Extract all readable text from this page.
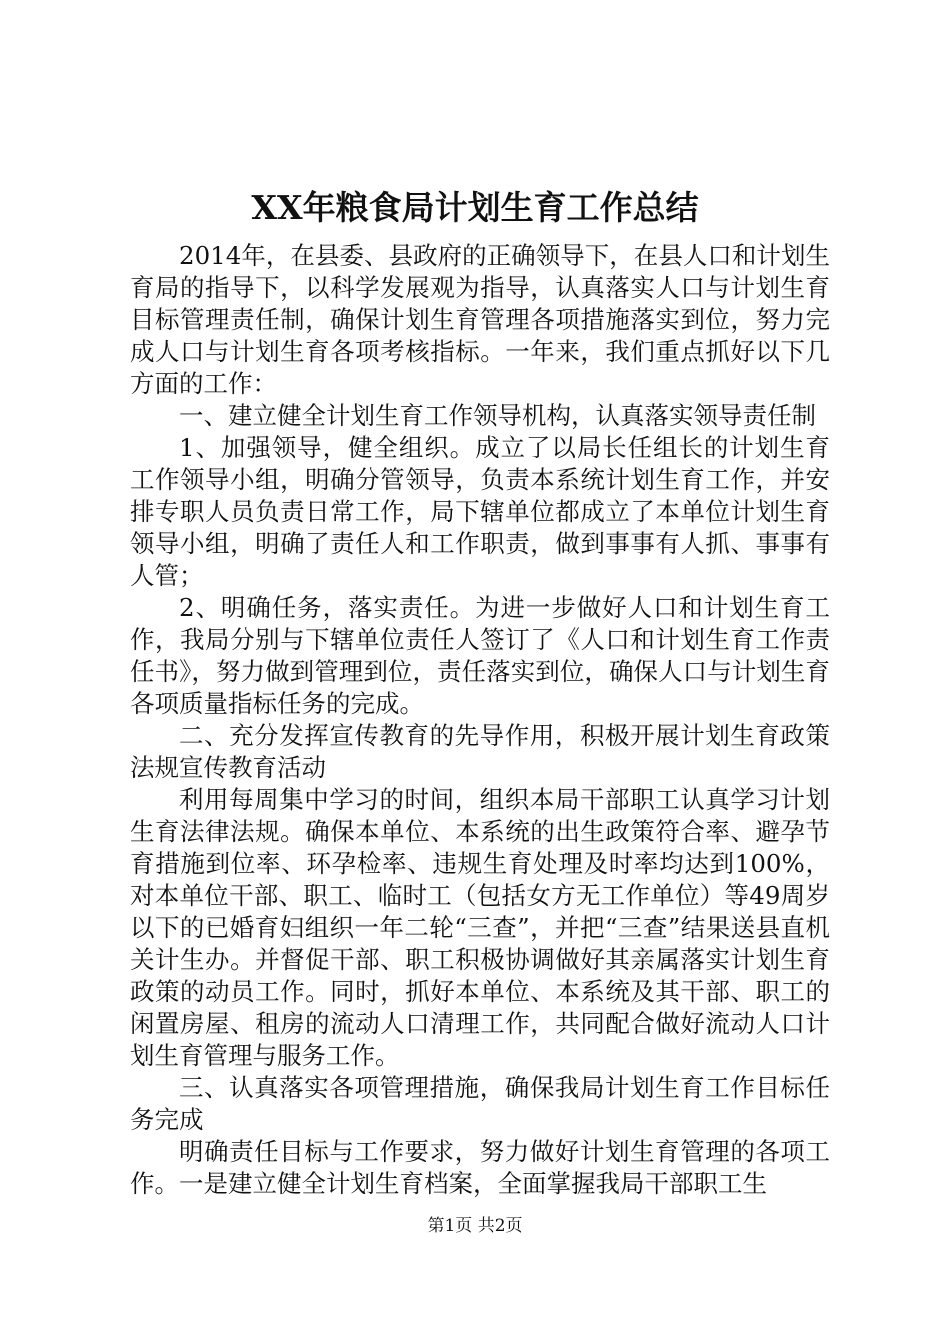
XX年粮食局计划生育工作总结

2014年，在县委、县政府的正确领导下，在县人口和计划生育局的指导下，以科学发展观为指导，认真落实人口与计划生育目标管理责任制，确保计划生育管理各项措施落实到位，努力完成人口与计划生育各项考核指标。一年来，我们重点抓好以下几方面的工作：

一、建立健全计划生育工作领导机构，认真落实领导责任制

1、加强领导，健全组织。成立了以局长任组长的计划生育工作领导小组，明确分管领导，负责本系统计划生育工作，并安排专职人员负责日常工作，局下辖单位都成立了本单位计划生育领导小组，明确了责任人和工作职责，做到事事有人抓、事事有人管；

2、明确任务，落实责任。为进一步做好人口和计划生育工作，我局分别与下辖单位责任人签订了《人口和计划生育工作责任书》，努力做到管理到位，责任落实到位，确保人口与计划生育各项质量指标任务的完成。

二、充分发挥宣传教育的先导作用，积极开展计划生育政策法规宣传教育活动

利用每周集中学习的时间，组织本局干部职工认真学习计划生育法律法规。确保本单位、本系统的出生政策符合率、避孕节育措施到位率、环孕检率、违规生育处理及时率均达到100%，对本单位干部、职工、临时工（包括女方无工作单位）等49周岁以下的已婚育妇组织一年二轮“三查”，并把“三查”结果送县直机关计生办。并督促干部、职工积极协调做好其亲属落实计划生育政策的动员工作。同时，抓好本单位、本系统及其干部、职工的闲置房屋、租房的流动人口清理工作，共同配合做好流动人口计划生育管理与服务工作。

三、认真落实各项管理措施，确保我局计划生育工作目标任务完成

明确责任目标与工作要求，努力做好计划生育管理的各项工作。一是建立健全计划生育档案，全面掌握我局干部职工生

第1页 共2页
